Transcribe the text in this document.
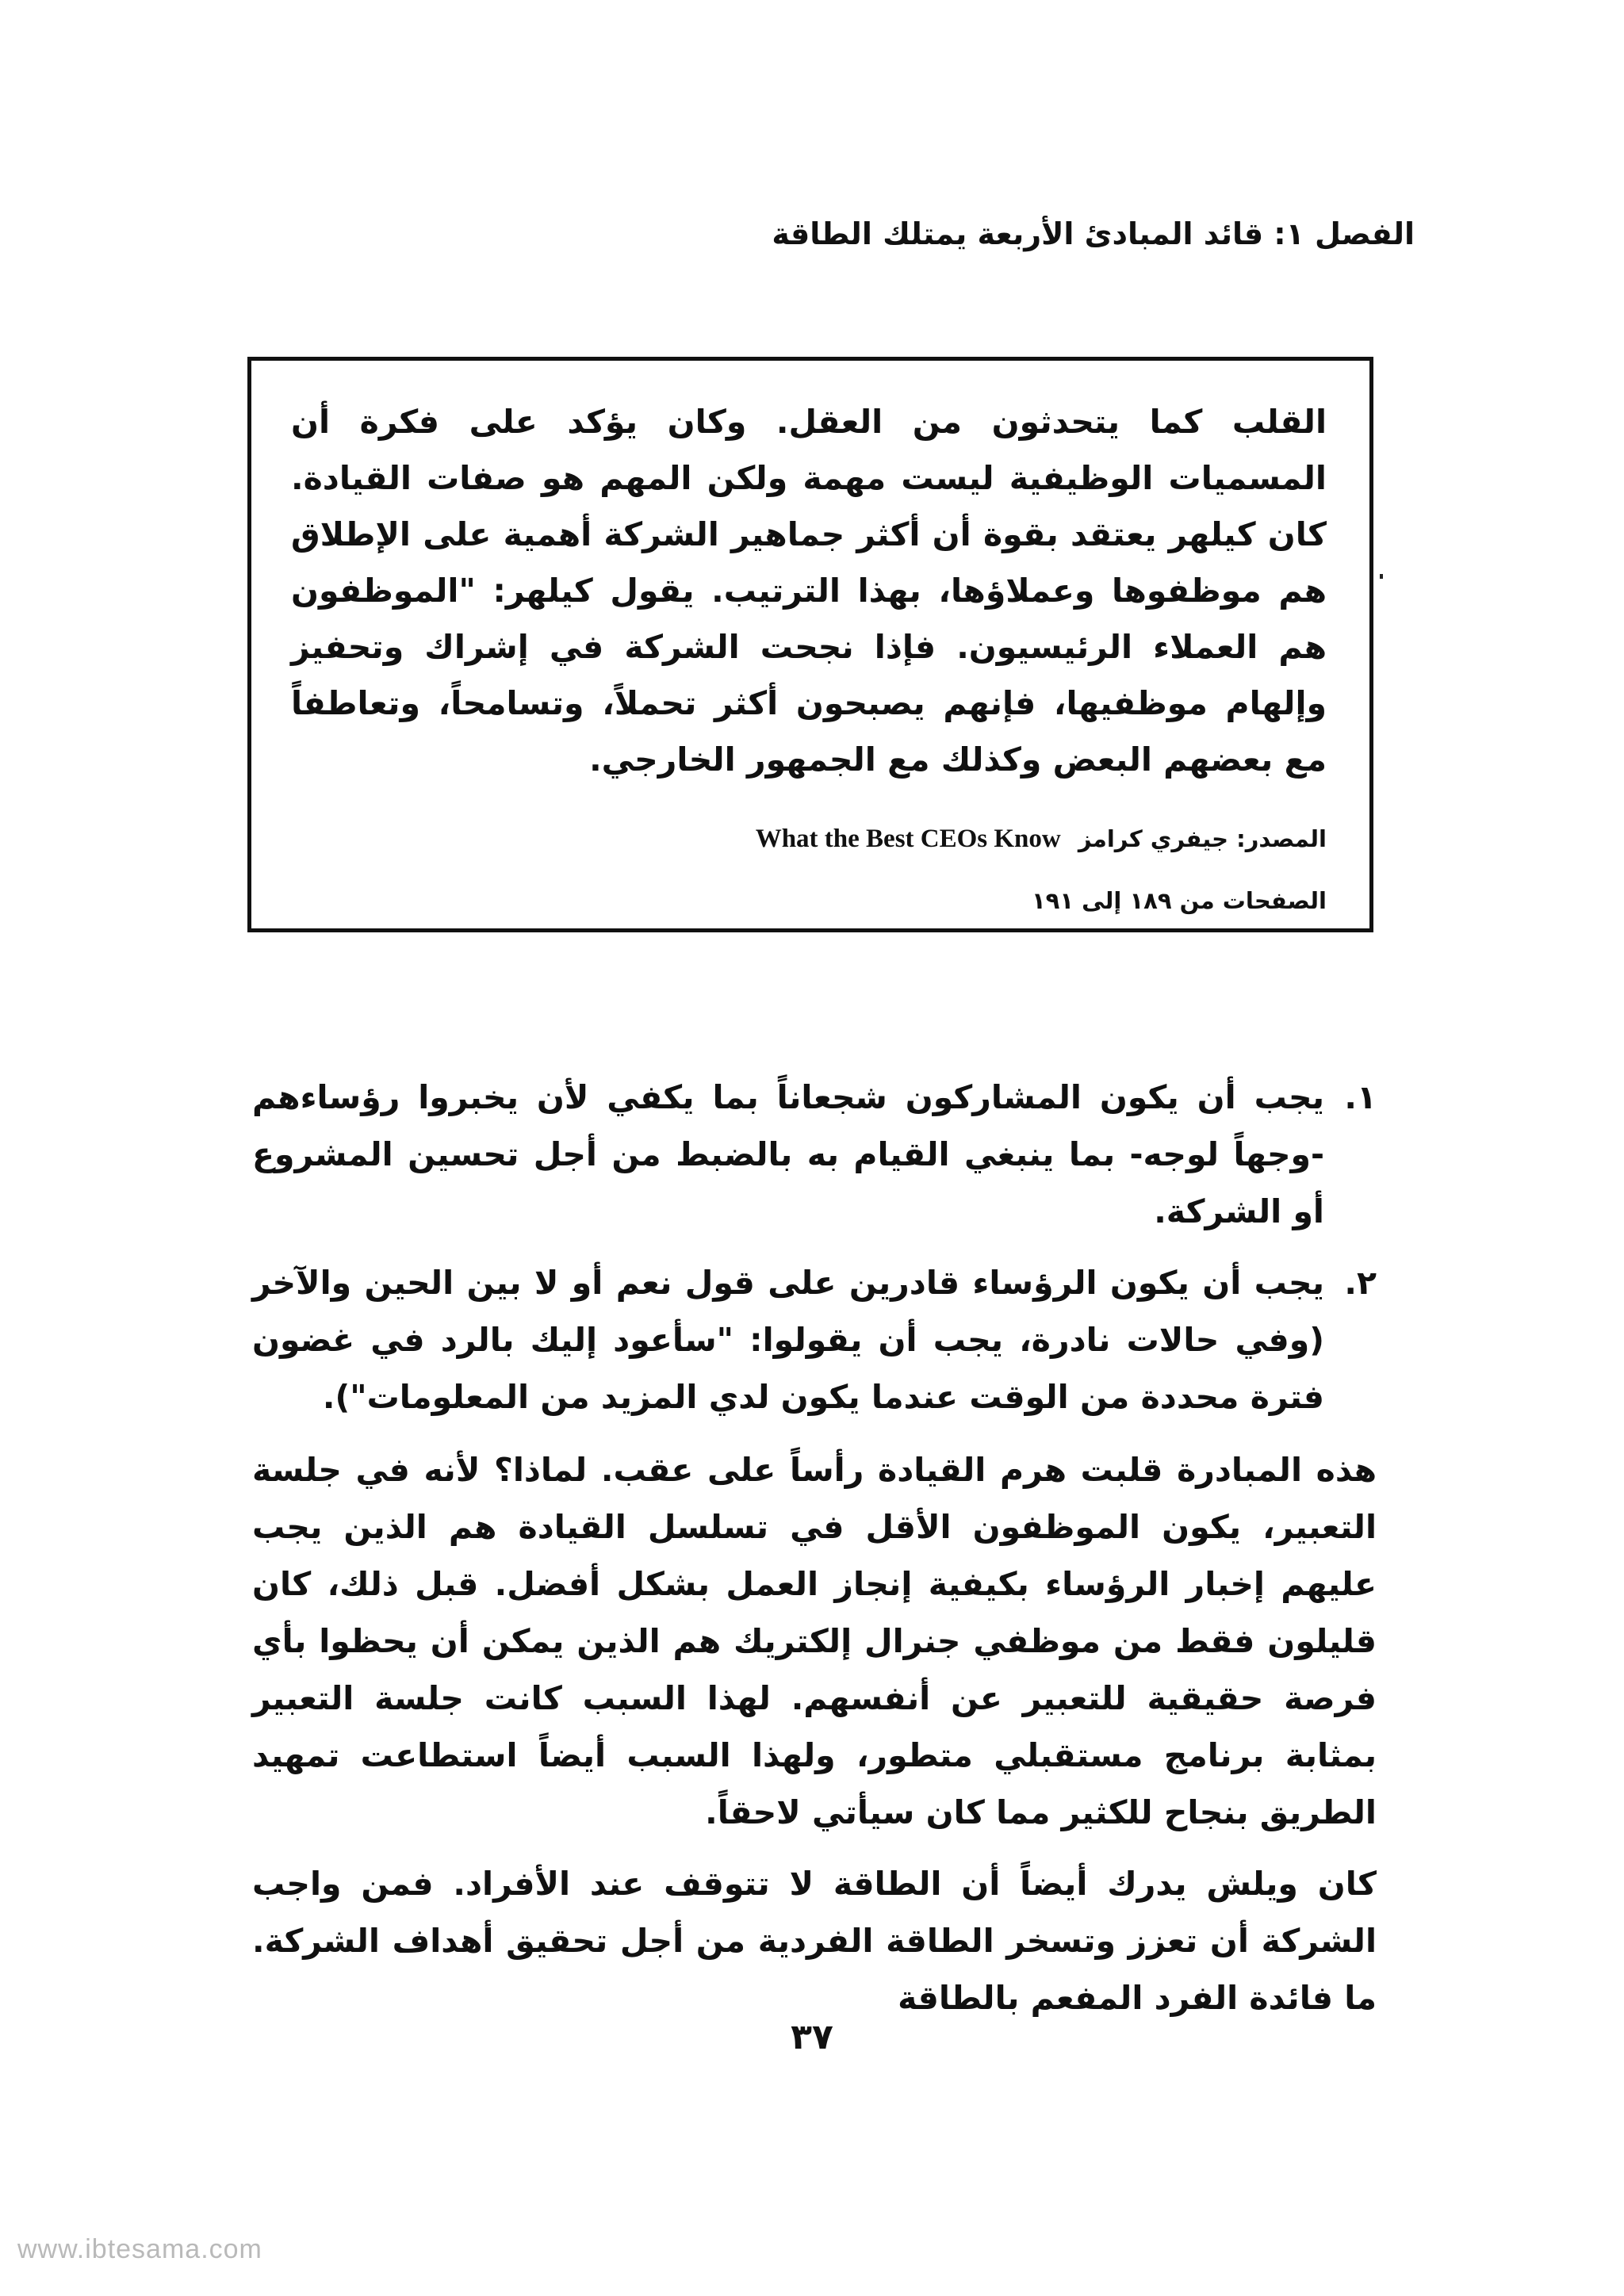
الفصل ١: قائد المبادئ الأربعة يمتلك الطاقة

القلب كما يتحدثون من العقل. وكان يؤكد على فكرة أن المسميات الوظيفية ليست مهمة ولكن المهم هو صفات القيادة. كان كيلهر يعتقد بقوة أن أكثر جماهير الشركة أهمية على الإطلاق هم موظفوها وعملاؤها، بهذا الترتيب. يقول كيلهر: "الموظفون هم العملاء الرئيسيون. فإذا نجحت الشركة في إشراك وتحفيز وإلهام موظفيها، فإنهم يصبحون أكثر تحملاً، وتسامحاً، وتعاطفاً مع بعضهم البعض وكذلك مع الجمهور الخارجي.

المصدر: جيفري كرامز What the Best CEOs Know
الصفحات من ١٨٩ إلى ١٩١
١.
يجب أن يكون المشاركون شجعاناً بما يكفي لأن يخبروا رؤساءهم -وجهاً لوجه- بما ينبغي القيام به بالضبط من أجل تحسين المشروع أو الشركة.
٢.
يجب أن يكون الرؤساء قادرين على قول نعم أو لا بين الحين والآخر (وفي حالات نادرة، يجب أن يقولوا: "سأعود إليك بالرد في غضون فترة محددة من الوقت عندما يكون لدي المزيد من المعلومات").

هذه المبادرة قلبت هرم القيادة رأساً على عقب. لماذا؟ لأنه في جلسة التعبير، يكون الموظفون الأقل في تسلسل القيادة هم الذين يجب عليهم إخبار الرؤساء بكيفية إنجاز العمل بشكل أفضل. قبل ذلك، كان قليلون فقط من موظفي جنرال إلكتريك هم الذين يمكن أن يحظوا بأي فرصة حقيقية للتعبير عن أنفسهم. لهذا السبب كانت جلسة التعبير بمثابة برنامج مستقبلي متطور، ولهذا السبب أيضاً استطاعت تمهيد الطريق بنجاح للكثير مما كان سيأتي لاحقاً.

كان ويلش يدرك أيضاً أن الطاقة لا تتوقف عند الأفراد. فمن واجب الشركة أن تعزز وتسخر الطاقة الفردية من أجل تحقيق أهداف الشركة. ما فائدة الفرد المفعم بالطاقة

٣٧
www.ibtesama.com
